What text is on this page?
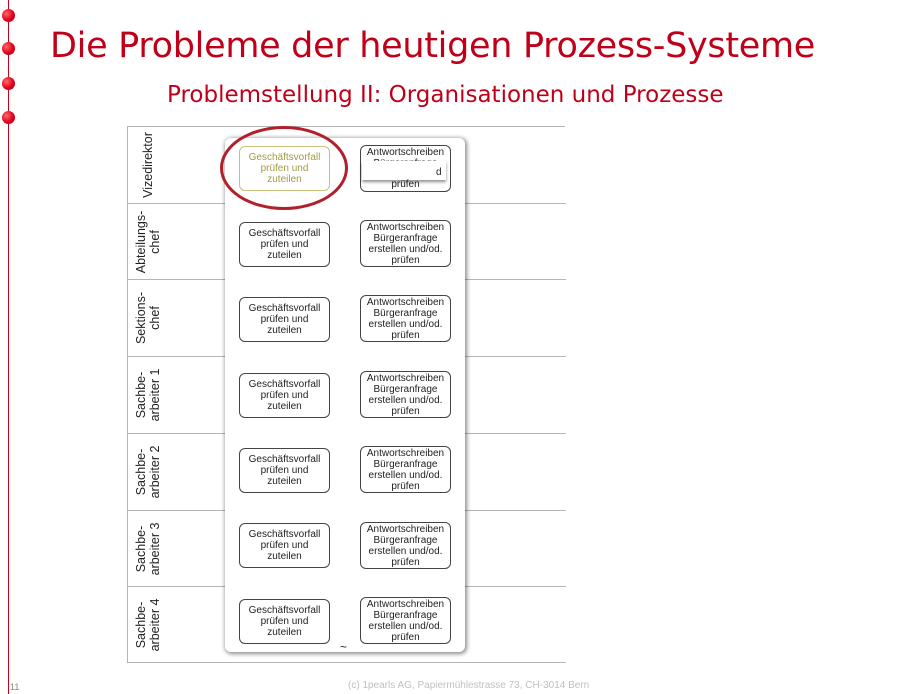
Die Probleme der heutigen Prozess-Systeme
Problemstellung II: Organisationen und Prozesse
Vizedirektor
Abteilungs-
chef
Sektions-
chef
Sachbe-
arbeiter 1
Sachbe-
arbeiter 2
Sachbe-
arbeiter 3
Sachbe-
arbeiter 4
Geschäftsvorfall
prüfen und
zuteilen
Antwortschreiben

d
prüfen
Geschäftsvorfall
prüfen und
zuteilen
Antwortschreiben
Bürgeranfrage
erstellen und/od.
prüfen
Geschäftsvorfall
prüfen und
zuteilen
Antwortschreiben
Bürgeranfrage
erstellen und/od.
prüfen
Geschäftsvorfall
prüfen und
zuteilen
Antwortschreiben
Bürgeranfrage
erstellen und/od.
prüfen
Geschäftsvorfall
prüfen und
zuteilen
Antwortschreiben
Bürgeranfrage
erstellen und/od.
prüfen
Geschäftsvorfall
prüfen und
zuteilen
Antwortschreiben
Bürgeranfrage
erstellen und/od.
prüfen
Geschäftsvorfall
prüfen und
zuteilen
Antwortschreiben
Bürgeranfrage
erstellen und/od.
prüfen
~
11	(c) 1pearls AG, Papiermühlestrasse 73, CH-3014 Bern
